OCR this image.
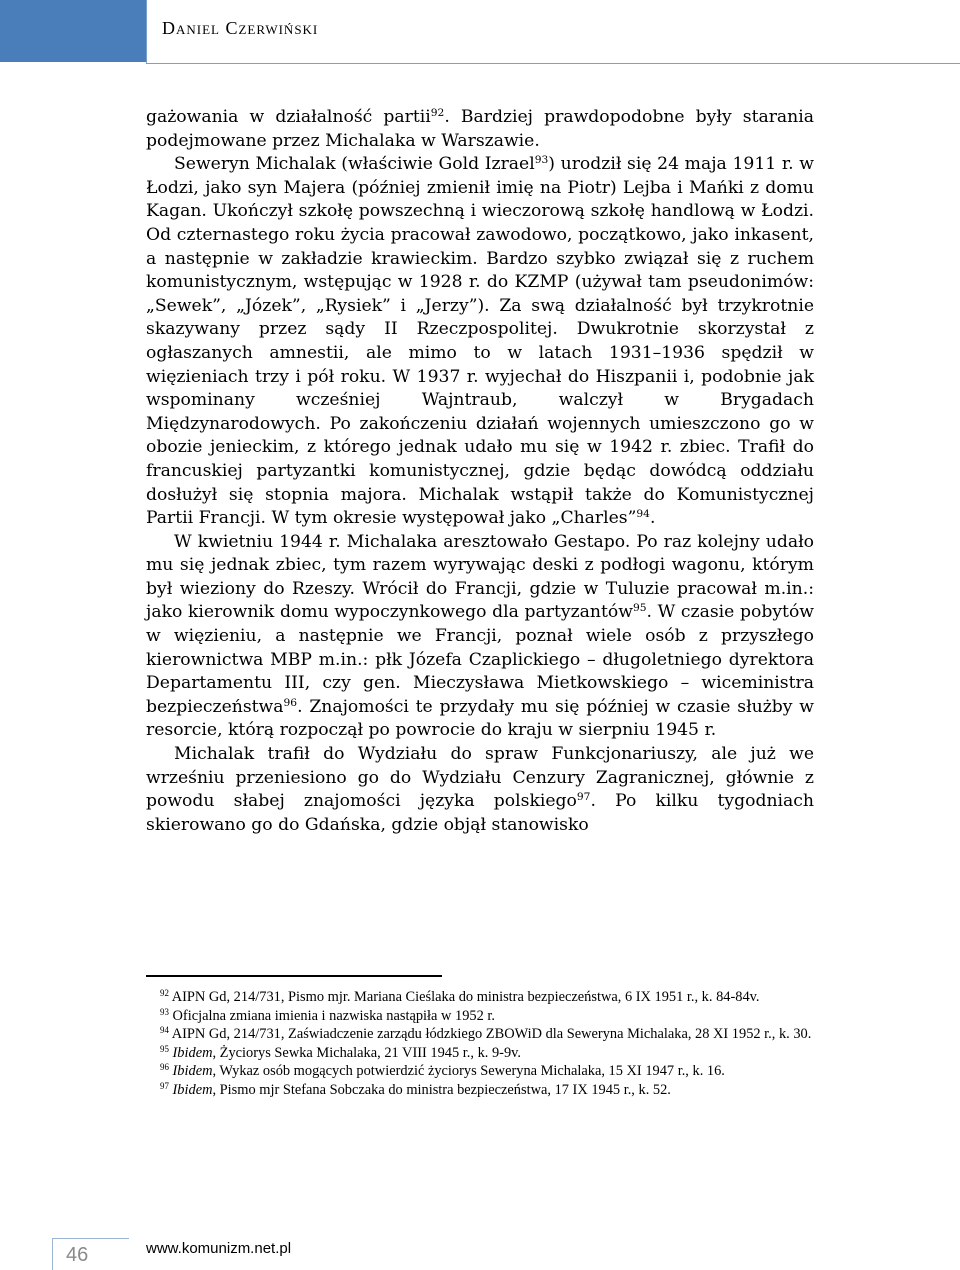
Daniel Czerwiński

gażowania w działalność partii$^{92}$. Bardziej prawdopodobne były starania podejmowane przez Michalaka w Warszawie.

Seweryn Michalak (właściwie Gold Izrael$^{93}$) urodził się 24 maja 1911 r. w Łodzi, jako syn Majera (później zmienił imię na Piotr) Lejba i Mańki z domu Kagan. Ukończył szkołę powszechną i wieczorową szkołę handlową w Łodzi. Od czternastego roku życia pracował zawodowo, początkowo, jako inkasent, a następnie w zakładzie krawieckim. Bardzo szybko związał się z ruchem komunistycznym, wstępując w 1928 r. do KZMP (używał tam pseudonimów: „Sewek”, „Józek”, „Rysiek” i „Jerzy”). Za swą działalność był trzykrotnie skazywany przez sądy II Rzeczpospolitej. Dwukrotnie skorzystał z ogłaszanych amnestii, ale mimo to w latach 1931–1936 spędził w więzieniach trzy i pół roku. W 1937 r. wyjechał do Hiszpanii i, podobnie jak wspominany wcześniej Wajntraub, walczył w Brygadach Międzynarodowych. Po zakończeniu działań wojennych umieszczono go w obozie jenieckim, z którego jednak udało mu się w 1942 r. zbiec. Trafił do francuskiej partyzantki komunistycznej, gdzie będąc dowódcą oddziału dosłużył się stopnia majora. Michalak wstąpił także do Komunistycznej Partii Francji. W tym okresie występował jako „Charles”$^{94}$.

W kwietniu 1944 r. Michalaka aresztowało Gestapo. Po raz kolejny udało mu się jednak zbiec, tym razem wyrywając deski z podłogi wagonu, którym był wieziony do Rzeszy. Wrócił do Francji, gdzie w Tuluzie pracował m.in.: jako kierownik domu wypoczynkowego dla partyzantów$^{95}$. W czasie pobytów w więzieniu, a następnie we Francji, poznał wiele osób z przyszłego kierownictwa MBP m.in.: płk Józefa Czaplickiego – długoletniego dyrektora Departamentu III, czy gen. Mieczysława Mietkowskiego – wiceministra bezpieczeństwa$^{96}$. Znajomości te przydały mu się później w czasie służby w resorcie, którą rozpoczął po powrocie do kraju w sierpniu 1945 r.

Michalak trafił do Wydziału do spraw Funkcjonariuszy, ale już we wrześniu przeniesiono go do Wydziału Cenzury Zagranicznej, głównie z powodu słabej znajomości języka polskiego$^{97}$. Po kilku tygodniach skierowano go do Gdańska, gdzie objął stanowisko

$^{92}$ AIPN Gd, 214/731, Pismo mjr. Mariana Cieślaka do ministra bezpieczeństwa, 6 IX 1951 r., k. 84-84v.

$^{93}$ Oficjalna zmiana imienia i nazwiska nastąpiła w 1952 r.

$^{94}$ AIPN Gd, 214/731, Zaświadczenie zarządu łódzkiego ZBOWiD dla Seweryna Michalaka, 28 XI 1952 r., k. 30.

$^{95}$ Ibidem, Życiorys Sewka Michalaka, 21 VIII 1945 r., k. 9-9v.

$^{96}$ Ibidem, Wykaz osób mogących potwierdzić życiorys Seweryna Michalaka, 15 XI 1947 r., k. 16.

$^{97}$ Ibidem, Pismo mjr Stefana Sobczaka do ministra bezpieczeństwa, 17 IX 1945 r., k. 52.

46	www.komunizm.net.pl
